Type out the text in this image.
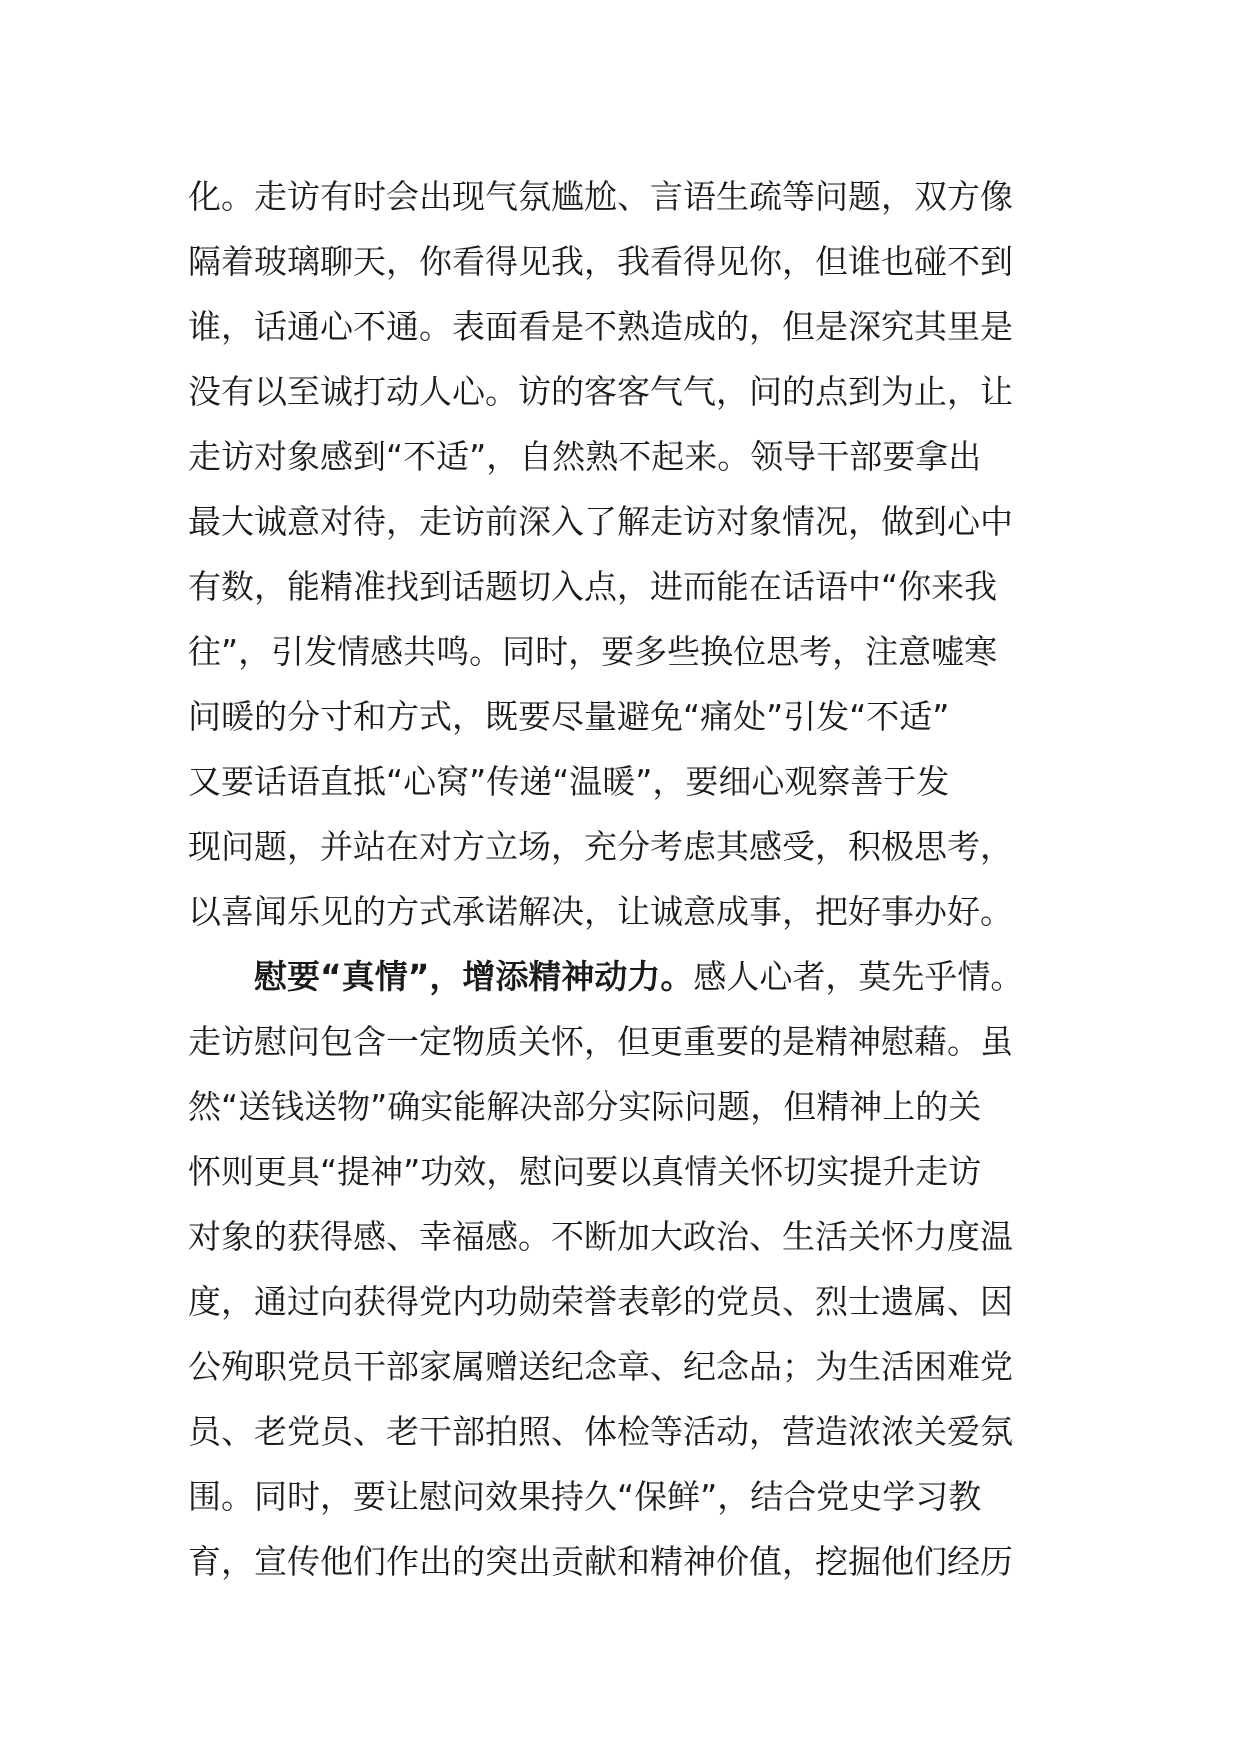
化。走访有时会出现气氛尴尬、言语生疏等问题，双方像
隔着玻璃聊天，你看得见我，我看得见你，但谁也碰不到
谁，话通心不通。表面看是不熟造成的，但是深究其里是
没有以至诚打动人心。访的客客气气，问的点到为止，让
走访对象感到“不适”，自然熟不起来。领导干部要拿出
最大诚意对待，走访前深入了解走访对象情况，做到心中
有数，能精准找到话题切入点，进而能在话语中“你来我
往”，引发情感共鸣。同时，要多些换位思考，注意嘘寒
问暖的分寸和方式，既要尽量避免“痛处”引发“不适”
又要话语直抵“心窝”传递“温暖”，要细心观察善于发
现问题，并站在对方立场，充分考虑其感受，积极思考，
以喜闻乐见的方式承诺解决，让诚意成事，把好事办好。
慰要“真情”，增添精神动力。感人心者，莫先乎情。
走访慰问包含一定物质关怀，但更重要的是精神慰藉。虽
然“送钱送物”确实能解决部分实际问题，但精神上的关
怀则更具“提神”功效，慰问要以真情关怀切实提升走访
对象的获得感、幸福感。不断加大政治、生活关怀力度温
度，通过向获得党内功勋荣誉表彰的党员、烈士遗属、因
公殉职党员干部家属赠送纪念章、纪念品；为生活困难党
员、老党员、老干部拍照、体检等活动，营造浓浓关爱氛
围。同时，要让慰问效果持久“保鲜”，结合党史学习教
育，宣传他们作出的突出贡献和精神价值，挖掘他们经历
